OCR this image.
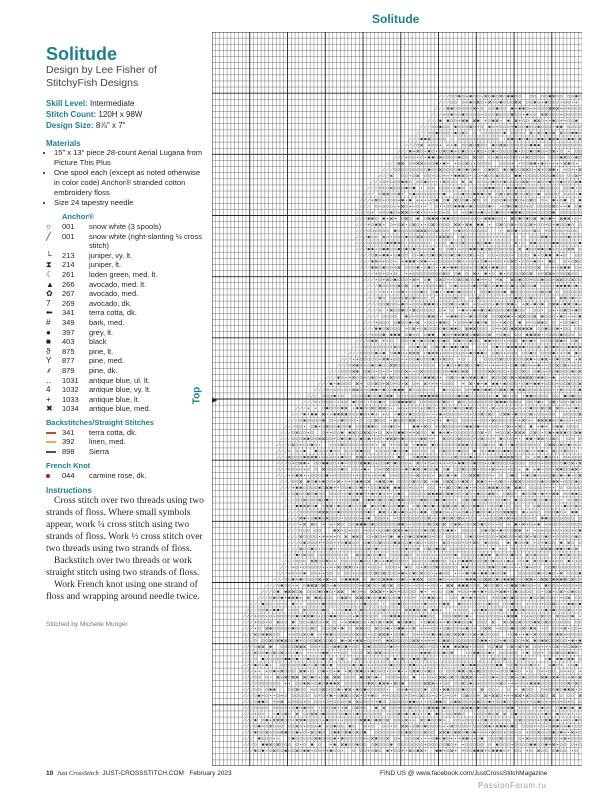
Solitude
Solitude
Design by Lee Fisher of
StitchyFish Designs
Skill Level: Intermediate
Stitch Count: 120H x 98W
Design Size: 8⅞" x 7"
Materials
• 15" x 13" piece 28-count Aerial Lugana from Picture This Plus
• One spool each (except as noted otherwise in color code) Anchor® stranded cotton embroidery floss
• Size 24 tapestry needle
Anchor®
○	001	snow white (3 spools)
╱	001	snow white (right-slanting ½ cross stitch)
└	213	juniper, vy. lt.
⧗	214	juniper, lt.
☾	261	loden green, med. lt.
▲	266	avocado, med. lt.
✿	267	avocado, med.
7	269	avocado, dk.
⬅	341	terra cotta, dk.
#	349	bark, med.
●	397	grey, lt.
■	403	black
ϑ	875	pine, lt.
Y	877	pine, med.
⸙	879	pine, dk.
‥	1031	antique blue, ul. lt.
4	1032	antique blue, vy. lt.
+	1033	antique blue, lt.
✖	1034	antique blue, med.
Backstitches/Straight Stitches
	341	terra cotta, dk.
	392	linen, med.
	898	Sierra
French Knot
	044	carmine rose, dk.
Instructions

Cross stitch over two threads using two strands of floss. Where small symbols appear, work ¼ cross stitch using two strands of floss. Work ½ cross stitch over two threads using two strands of floss.

Backstitch over two threads or work straight stitch using two strands of floss.

Work French knot using one strand of floss and wrapping around needle twice.

Stitched by Michelle Munger
Top ▶
10 Just CrossStitch JUST-CROSSSTITCH.COM February 2023	FIND US @ www.facebook.com/JustCrossStitchMagazine
PassionForum.ru
